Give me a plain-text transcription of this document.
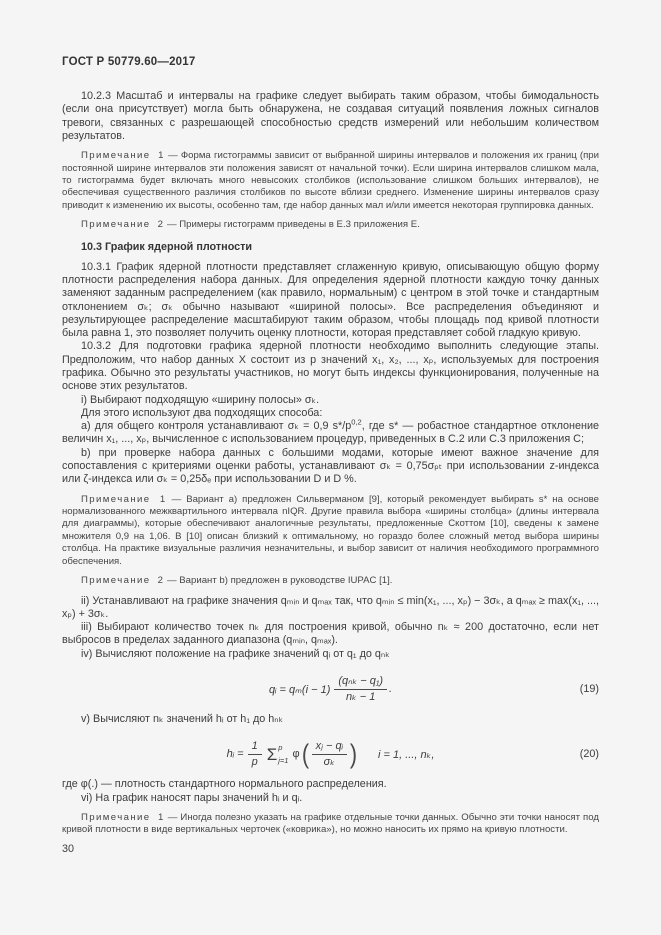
ГОСТ Р 50779.60—2017

10.2.3 Масштаб и интервалы на графике следует выбирать таким образом, чтобы бимодальность (если она присутствует) могла быть обнаружена, не создавая ситуаций появления ложных сигналов тревоги, связанных с разрешающей способностью средств измерений или небольшим количеством результатов.

Примечание 1 — Форма гистограммы зависит от выбранной ширины интервалов и положения их границ (при постоянной ширине интервалов эти положения зависят от начальной точки). Если ширина интервалов слишком мала, то гистограмма будет включать много невысоких столбиков (использование слишком больших интервалов), не обеспечивая существенного различия столбиков по высоте вблизи среднего. Изменение ширины интервалов сразу приводит к изменению их высоты, особенно там, где набор данных мал и/или имеется некоторая группировка данных.

Примечание 2 — Примеры гистограмм приведены в Е.3 приложения Е.

10.3 График ядерной плотности

10.3.1 График ядерной плотности представляет сглаженную кривую, описывающую общую форму плотности распределения набора данных. Для определения ядерной плотности каждую точку данных заменяют заданным распределением (как правило, нормальным) с центром в этой точке и стандартным отклонением σₖ; σₖ обычно называют «шириной полосы». Все распределения объединяют и результирующее распределение масштабируют таким образом, чтобы площадь под кривой плотности была равна 1, это позволяет получить оценку плотности, которая представляет собой гладкую кривую.

10.3.2 Для подготовки графика ядерной плотности необходимо выполнить следующие этапы. Предположим, что набор данных X состоит из p значений x₁, x₂, ..., xₚ, используемых для построения графика. Обычно это результаты участников, но могут быть индексы функционирования, полученные на основе этих результатов.

i) Выбирают подходящую «ширину полосы» σₖ.

Для этого используют два подходящих способа:

a) для общего контроля устанавливают σₖ = 0,9 $s*/p^{0,2}$, где s* — робастное стандартное отклонение величин x₁, ..., xₚ, вычисленное с использованием процедур, приведенных в С.2 или С.3 приложения С;

b) при проверке набора данных с большими модами, которые имеют важное значение для сопоставления с критериями оценки работы, устанавливают σₖ = 0,75σₚₜ при использовании z-индекса или ζ-индекса или σₖ = 0,25δₑ при использовании D и D %.

Примечание 1 — Вариант а) предложен Сильверманом [9], который рекомендует выбирать s* на основе нормализованного межквартильного интервала nIQR. Другие правила выбора «ширины столбца» (длины интервала для диаграммы), которые обеспечивают аналогичные результаты, предложенные Скоттом [10], сведены к замене множителя 0,9 на 1,06. В [10] описан близкий к оптимальному, но гораздо более сложный метод выбора ширины столбца. На практике визуальные различия незначительны, и выбор зависит от наличия необходимого программного обеспечения.

Примечание 2 — Вариант b) предложен в руководстве IUPAC [1].

ii) Устанавливают на графике значения qₘᵢₙ и qₘₐₓ так, что qₘᵢₙ ≤ min(x₁, ..., xₚ) − 3σₖ, а qₘₐₓ ≥ max(x₁, ..., xₚ) + 3σₖ.

iii) Выбирают количество точек nₖ для построения кривой, обычно nₖ ≈ 200 достаточно, если нет выбросов в пределах заданного диапазона (qₘᵢₙ, qₘₐₓ).

iv) Вычисляют положение на графике значений qᵢ от q₁ до qₙₖ

qᵢ = $q_m(i - 1) \frac{\text{(qₙₖ − q₁)}}{\text{nₖ − 1}}$ .	(19)

v) Вычисляют nₖ значений hᵢ от h₁ до hₙₖ

hᵢ = $\frac{1}{p}$ Σ p
j=1
φ ( $\frac{\text{xⱼ − qᵢ}}{\text{σₖ}}$ ) i = 1, ..., nₖ,	(20)

где φ(.) — плотность стандартного нормального распределения.

vi) На график наносят пары значений hᵢ и qᵢ.

Примечание 1 — Иногда полезно указать на графике отдельные точки данных. Обычно эти точки наносят под кривой плотности в виде вертикальных черточек («коврика»), но можно наносить их прямо на кривую плотности.

30
